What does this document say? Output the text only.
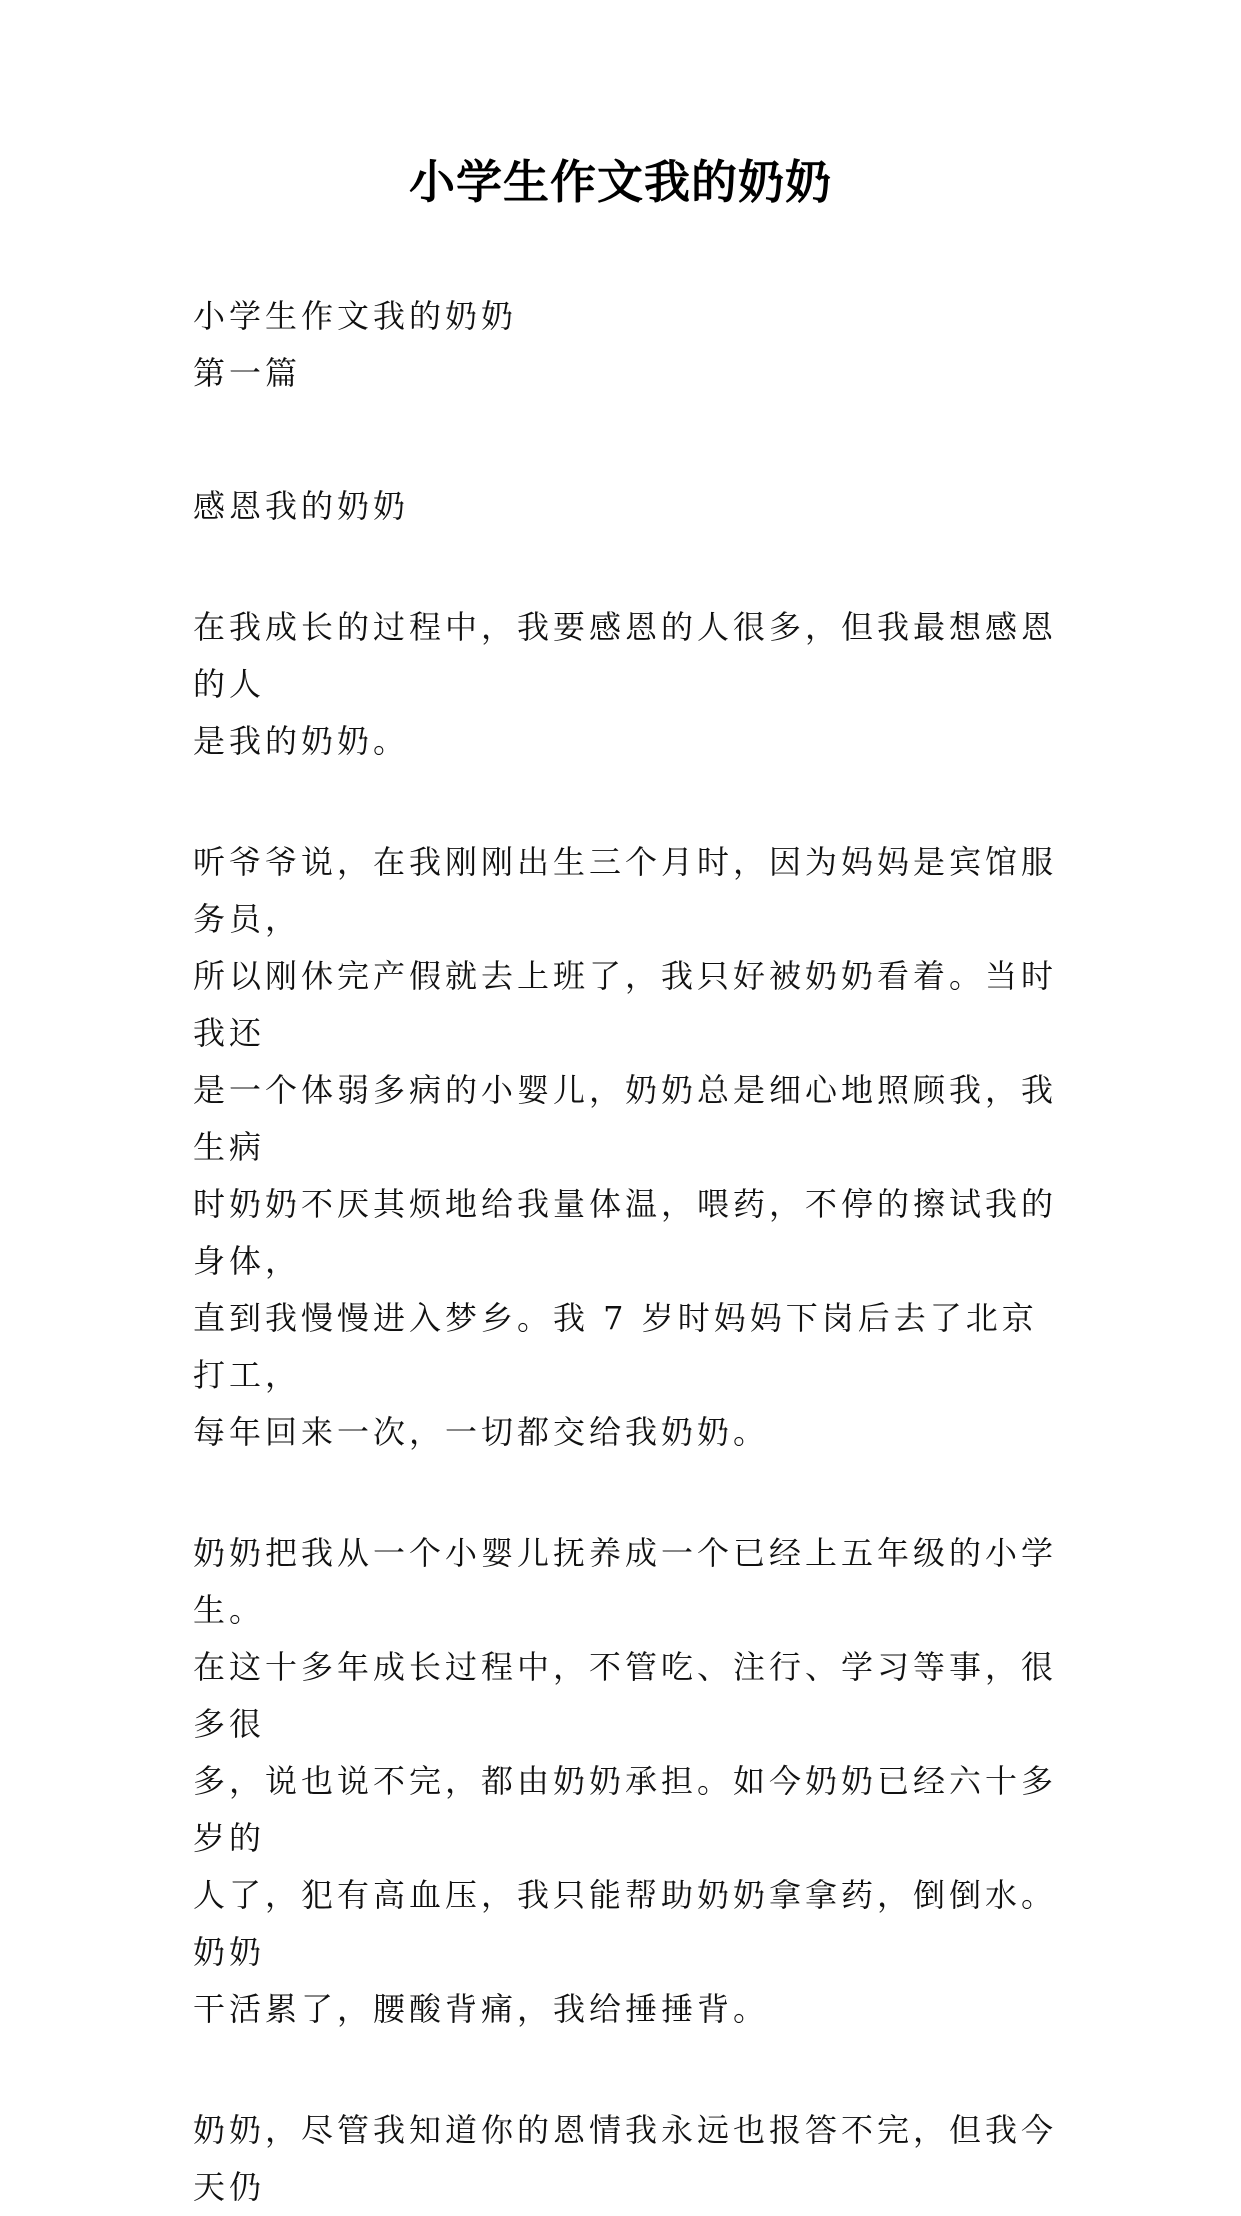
小学生作文我的奶奶

小学生作文我的奶奶

第一篇

感恩我的奶奶

在我成长的过程中，我要感恩的人很多，但我最想感恩的人

是我的奶奶。

听爷爷说，在我刚刚出生三个月时，因为妈妈是宾馆服务员，

所以刚休完产假就去上班了，我只好被奶奶看着。当时我还

是一个体弱多病的小婴儿，奶奶总是细心地照顾我，我生病

时奶奶不厌其烦地给我量体温，喂药，不停的擦试我的身体，

直到我慢慢进入梦乡。我 7 岁时妈妈下岗后去了北京打工，

每年回来一次，一切都交给我奶奶。

奶奶把我从一个小婴儿抚养成一个已经上五年级的小学生。

在这十多年成长过程中，不管吃、注行、学习等事，很多很

多，说也说不完，都由奶奶承担。如今奶奶已经六十多岁的

人了，犯有高血压，我只能帮助奶奶拿拿药，倒倒水。奶奶

干活累了，腰酸背痛，我给捶捶背。

奶奶，尽管我知道你的恩情我永远也报答不完，但我今天仍
